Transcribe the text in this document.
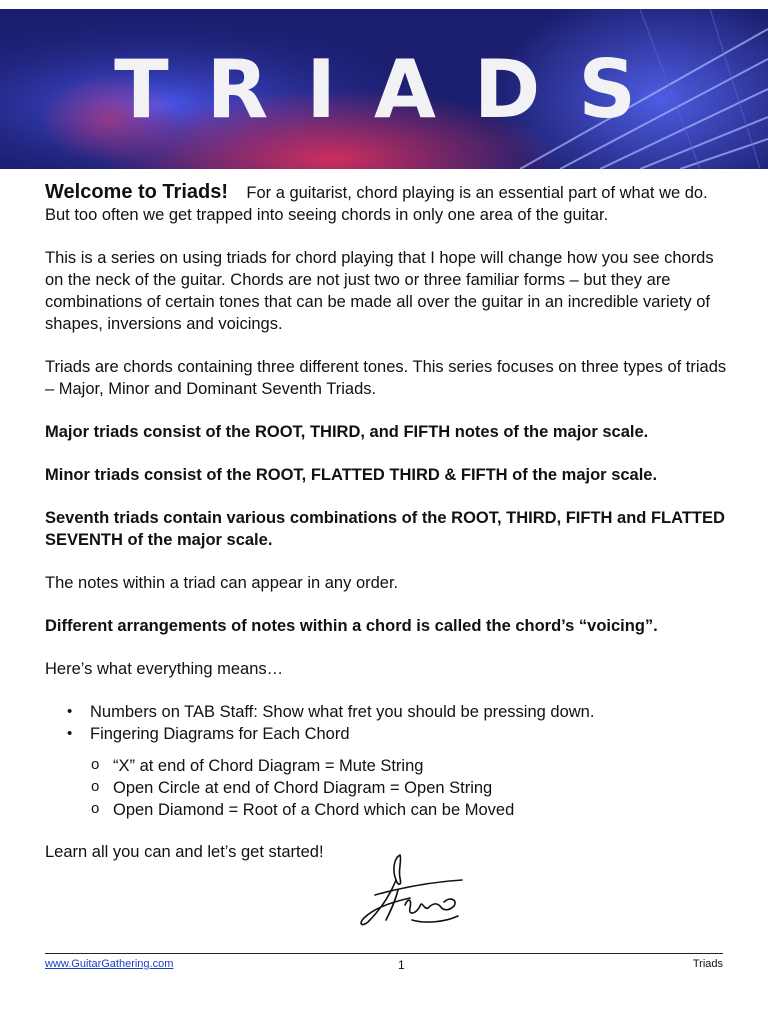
TRIADS

Welcome to Triads! For a guitarist, chord playing is an essential part of what we do. But too often we get trapped into seeing chords in only one area of the guitar.

This is a series on using triads for chord playing that I hope will change how you see chords on the neck of the guitar. Chords are not just two or three familiar forms – but they are combinations of certain tones that can be made all over the guitar in an incredible variety of shapes, inversions and voicings.

Triads are chords containing three different tones. This series focuses on three types of triads – Major, Minor and Dominant Seventh Triads.

Major triads consist of the ROOT, THIRD, and FIFTH notes of the major scale.

Minor triads consist of the ROOT, FLATTED THIRD & FIFTH of the major scale.

Seventh triads contain various combinations of the ROOT, THIRD, FIFTH and FLATTED SEVENTH of the major scale.

The notes within a triad can appear in any order.

Different arrangements of notes within a chord is called the chord’s “voicing”.

Here’s what everything means…

• Numbers on TAB Staff: Show what fret you should be pressing down.
• Fingering Diagrams for Each Chord
o “X” at end of Chord Diagram = Mute String
o Open Circle at end of Chord Diagram = Open String
o Open Diamond = Root of a Chord which can be Moved

Learn all you can and let’s get started!

www.GuitarGathering.com	1	Triads
